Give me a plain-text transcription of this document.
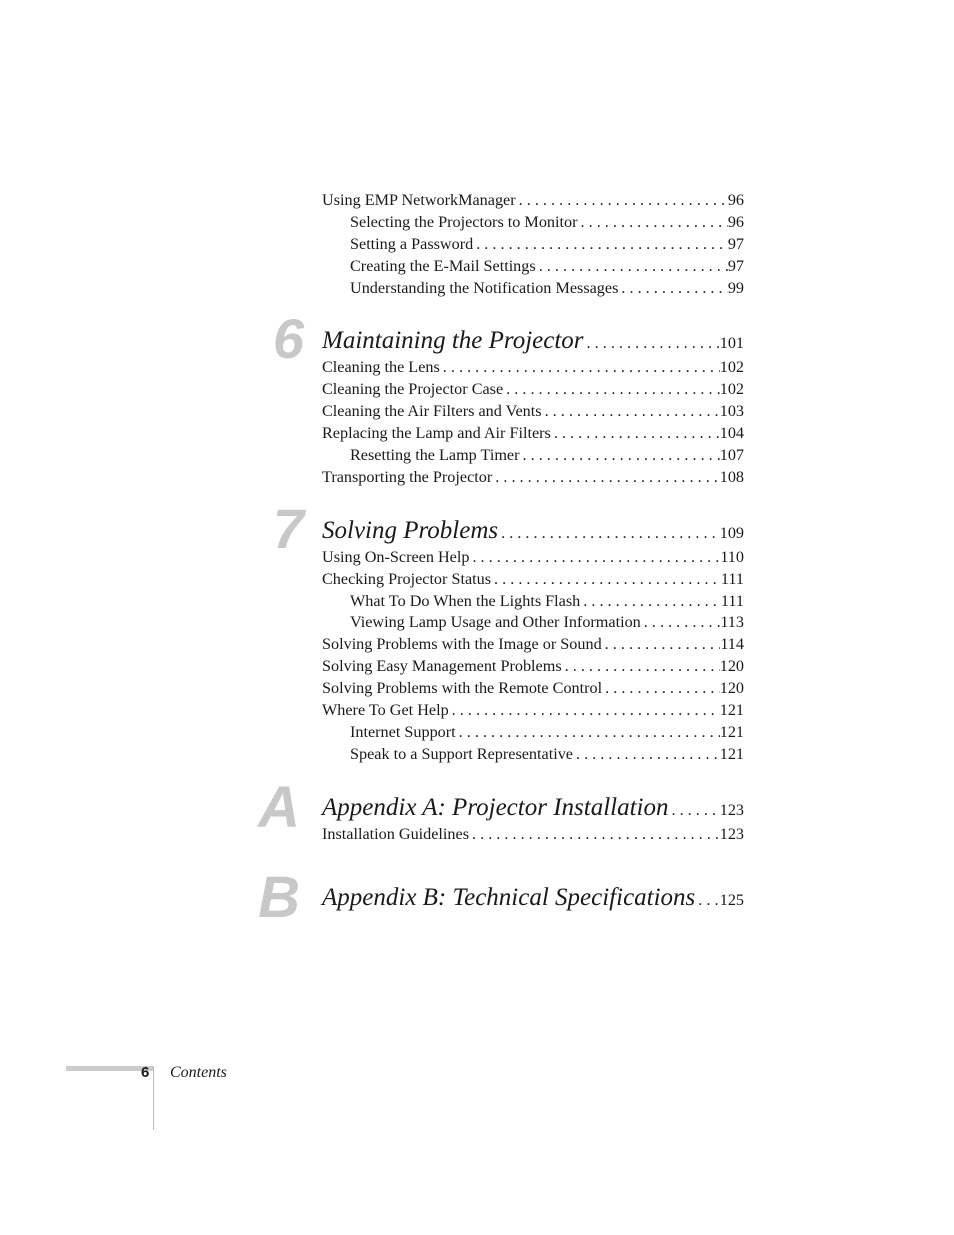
Using EMP NetworkManager . . .	96
Selecting the Projectors to Monitor . . .	96
Setting a Password . . .	97
Creating the E-Mail Settings . . .	97
Understanding the Notification Messages . . .	99
6 Maintaining the Projector . . .	101
Cleaning the Lens . . .	102
Cleaning the Projector Case . . .	102
Cleaning the Air Filters and Vents . . .	103
Replacing the Lamp and Air Filters . . .	104
Resetting the Lamp Timer . . .	107
Transporting the Projector . . .	108
7 Solving Problems . . .	109
Using On-Screen Help . . .	110
Checking Projector Status . . .	111
What To Do When the Lights Flash . . .	111
Viewing Lamp Usage and Other Information . . .	113
Solving Problems with the Image or Sound . . .	114
Solving Easy Management Problems . . .	120
Solving Problems with the Remote Control . . .	120
Where To Get Help . . .	121
Internet Support . . .	121
Speak to a Support Representative . . .	121
A Appendix A: Projector Installation . . .	123
Installation Guidelines . . .	123
B Appendix B: Technical Specifications . . . 125
6 Contents
